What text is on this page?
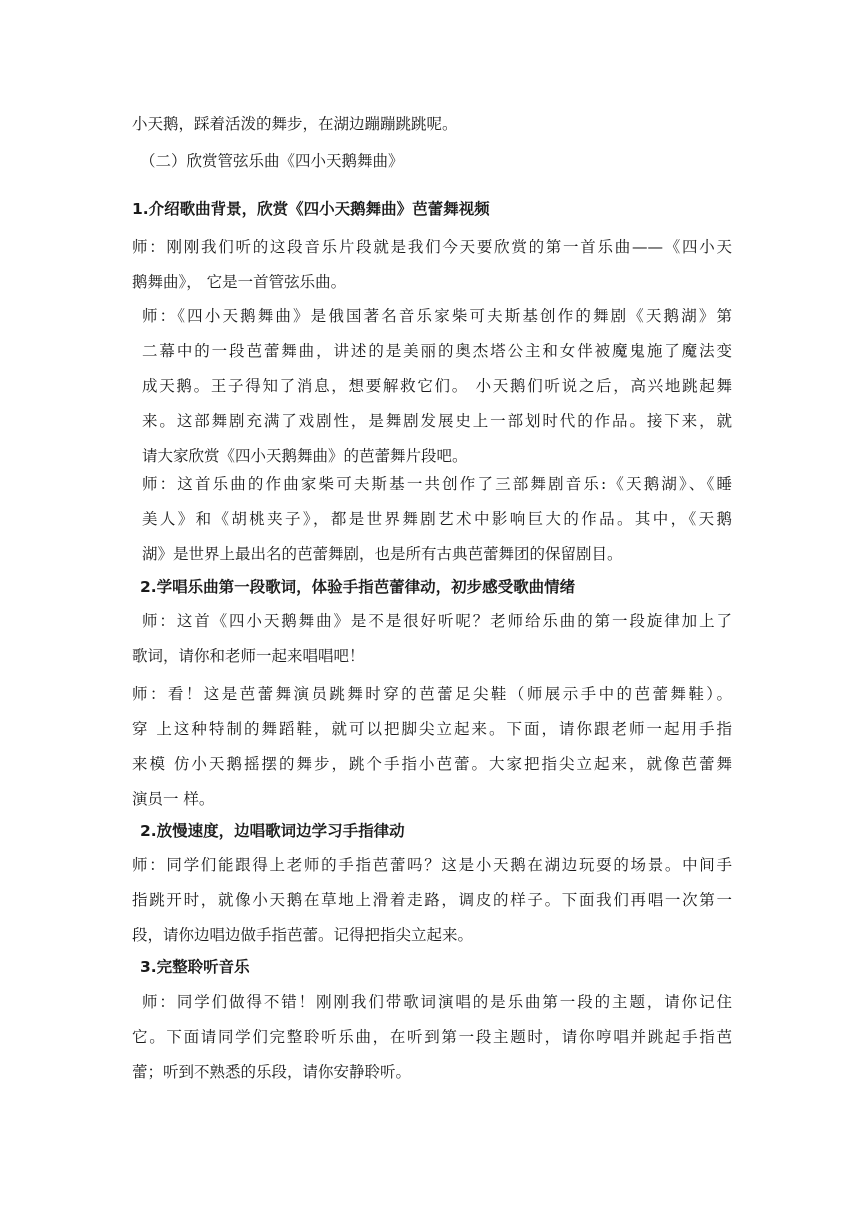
小天鹅，踩着活泼的舞步，在湖边蹦蹦跳跳呢。
（二）欣赏管弦乐曲《四小天鹅舞曲》
1.介绍歌曲背景，欣赏《四小天鹅舞曲》芭蕾舞视频
师：刚刚我们听的这段音乐片段就是我们今天要欣赏的第一首乐曲——《四小天
鹅舞曲》， 它是一首管弦乐曲。
师：《四小天鹅舞曲》是俄国著名音乐家柴可夫斯基创作的舞剧《天鹅湖》第
二幕中的一段芭蕾舞曲，讲述的是美丽的奥杰塔公主和女伴被魔鬼施了魔法变
成天鹅。王子得知了消息，想要解救它们。 小天鹅们听说之后，高兴地跳起舞
来。这部舞剧充满了戏剧性，是舞剧发展史上一部划时代的作品。接下来，就
请大家欣赏《四小天鹅舞曲》的芭蕾舞片段吧。
师：这首乐曲的作曲家柴可夫斯基一共创作了三部舞剧音乐:《天鹅湖》、《睡
美人》和《胡桃夹子》，都是世界舞剧艺术中影响巨大的作品。其中，《天鹅
湖》是世界上最出名的芭蕾舞剧，也是所有古典芭蕾舞团的保留剧目。
2.学唱乐曲第一段歌词，体验手指芭蕾律动，初步感受歌曲情绪
师：这首《四小天鹅舞曲》是不是很好听呢？老师给乐曲的第一段旋律加上了
歌词，请你和老师一起来唱唱吧！
师：看！这是芭蕾舞演员跳舞时穿的芭蕾足尖鞋（师展示手中的芭蕾舞鞋）。
穿 上这种特制的舞蹈鞋，就可以把脚尖立起来。下面，请你跟老师一起用手指
来模 仿小天鹅摇摆的舞步，跳个手指小芭蕾。大家把指尖立起来，就像芭蕾舞
演员一 样。
2.放慢速度，边唱歌词边学习手指律动
师：同学们能跟得上老师的手指芭蕾吗？这是小天鹅在湖边玩耍的场景。中间手
指跳开时，就像小天鹅在草地上滑着走路，调皮的样子。下面我们再唱一次第一
段，请你边唱边做手指芭蕾。记得把指尖立起来。
3.完整聆听音乐
师：同学们做得不错！刚刚我们带歌词演唱的是乐曲第一段的主题，请你记住
它。下面请同学们完整聆听乐曲，在听到第一段主题时，请你哼唱并跳起手指芭
蕾；听到不熟悉的乐段，请你安静聆听。
